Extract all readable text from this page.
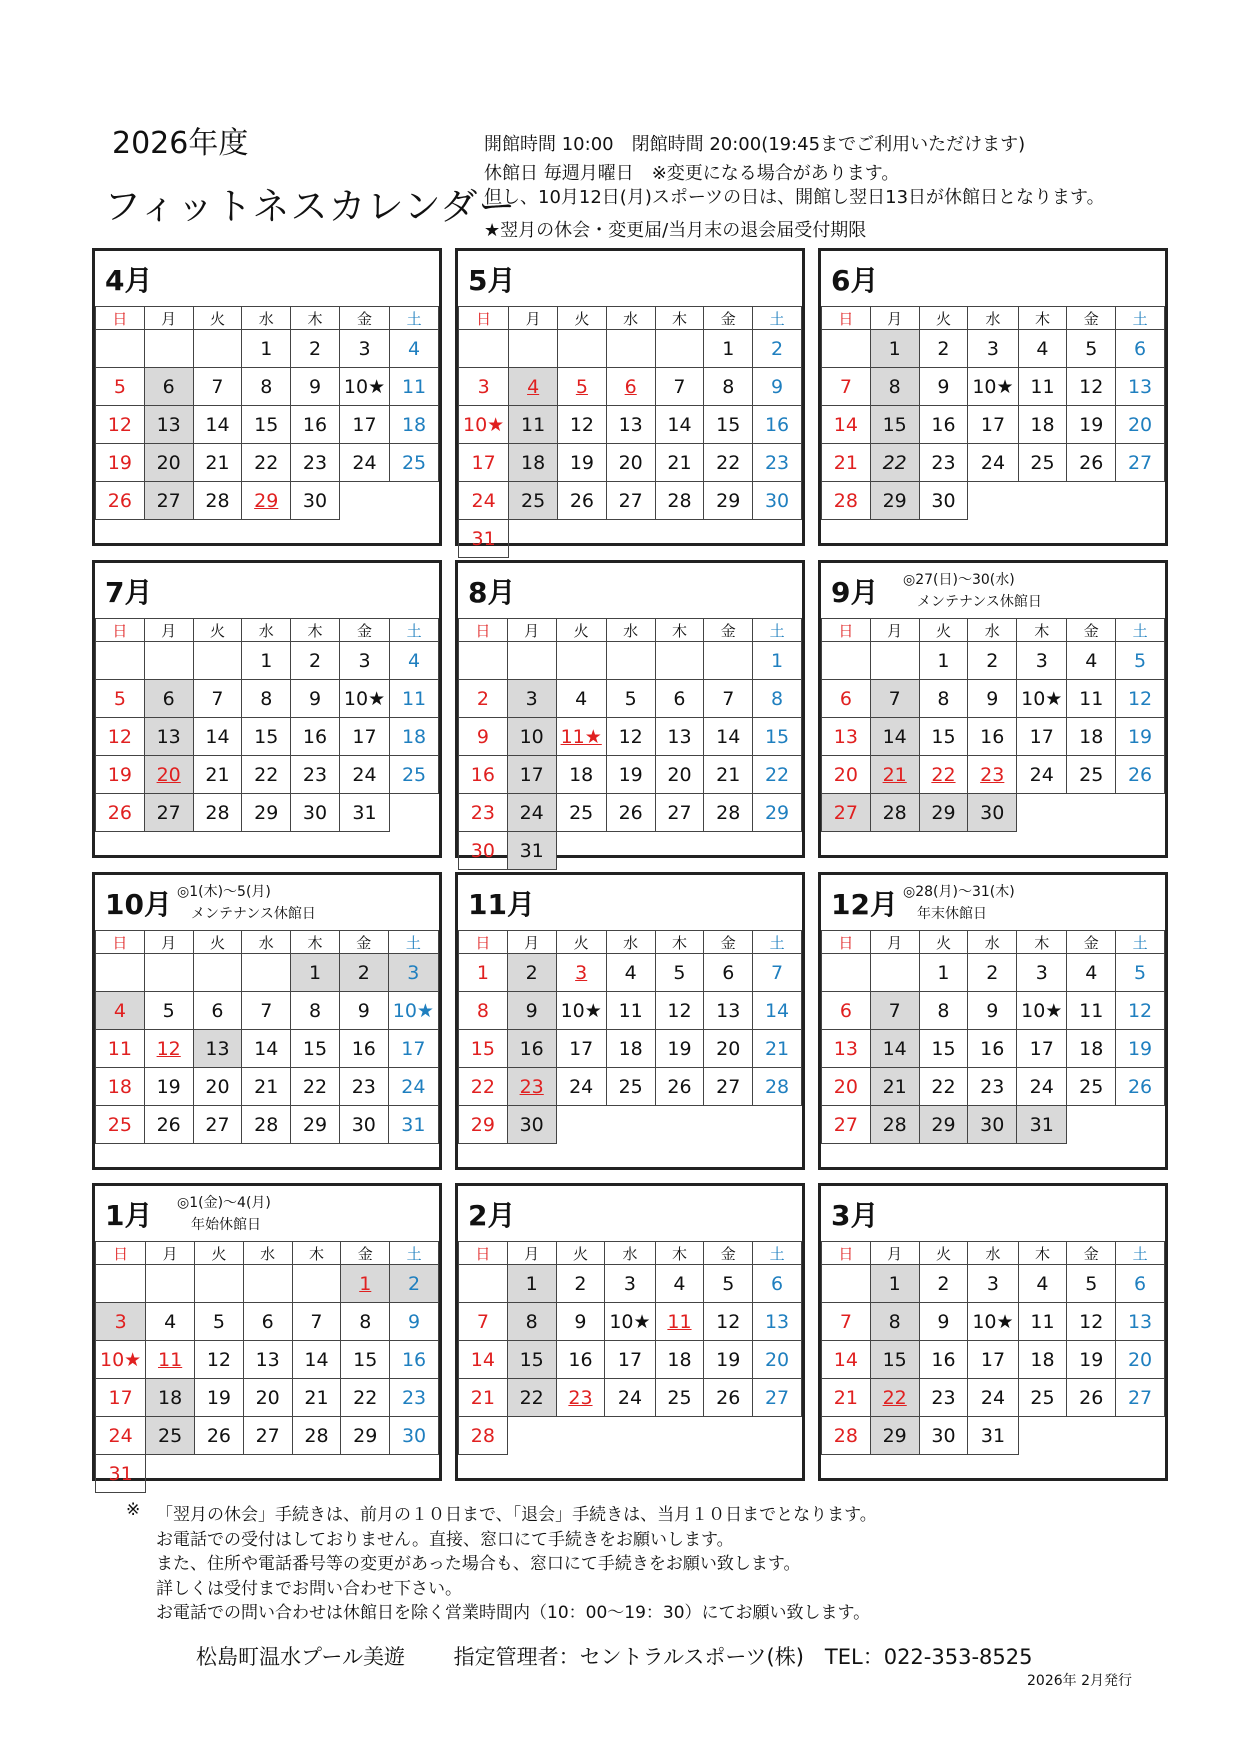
2026年度
フィットネスカレンダー
開館時間 10:00　閉館時間 20:00(19:45までご利用いただけます)
休館日 毎週月曜日　※変更になる場合があります。
但し、10月12日(月)スポーツの日は、開館し翌日13日が休館日となります。
★翌月の休会・変更届/当月末の退会届受付期限
4月
日	月	火	水	木	金	土
			1	2	3	4
5	6	7	8	9	10★	11
12	13	14	15	16	17	18
19	20	21	22	23	24	25
26	27	28	29	30		
5月
日	月	火	水	木	金	土
					1	2
3	4	5	6	7	8	9
10★	11	12	13	14	15	16
17	18	19	20	21	22	23
24	25	26	27	28	29	30
31						
6月
日	月	火	水	木	金	土
	1	2	3	4	5	6
7	8	9	10★	11	12	13
14	15	16	17	18	19	20
21	22	23	24	25	26	27
28	29	30				
7月
日	月	火	水	木	金	土
			1	2	3	4
5	6	7	8	9	10★	11
12	13	14	15	16	17	18
19	20	21	22	23	24	25
26	27	28	29	30	31	
8月
日	月	火	水	木	金	土
						1
2	3	4	5	6	7	8
9	10	11★	12	13	14	15
16	17	18	19	20	21	22
23	24	25	26	27	28	29
30	31					
9月 ◎27(日)～30(水)
メンテナンス休館日
日	月	火	水	木	金	土
		1	2	3	4	5
6	7	8	9	10★	11	12
13	14	15	16	17	18	19
20	21	22	23	24	25	26
27	28	29	30			
10月 ◎1(木)～5(月)
メンテナンス休館日
日	月	火	水	木	金	土
				1	2	3
4	5	6	7	8	9	10★
11	12	13	14	15	16	17
18	19	20	21	22	23	24
25	26	27	28	29	30	31
11月
日	月	火	水	木	金	土
1	2	3	4	5	6	7
8	9	10★	11	12	13	14
15	16	17	18	19	20	21
22	23	24	25	26	27	28
29	30					
12月 ◎28(月)～31(木)
年末休館日
日	月	火	水	木	金	土
		1	2	3	4	5
6	7	8	9	10★	11	12
13	14	15	16	17	18	19
20	21	22	23	24	25	26
27	28	29	30	31		
1月 ◎1(金)～4(月)
年始休館日
日	月	火	水	木	金	土
					1	2
3	4	5	6	7	8	9
10★	11	12	13	14	15	16
17	18	19	20	21	22	23
24	25	26	27	28	29	30
31						
2月
日	月	火	水	木	金	土
	1	2	3	4	5	6
7	8	9	10★	11	12	13
14	15	16	17	18	19	20
21	22	23	24	25	26	27
28						
3月
日	月	火	水	木	金	土
	1	2	3	4	5	6
7	8	9	10★	11	12	13
14	15	16	17	18	19	20
21	22	23	24	25	26	27
28	29	30	31			
※ 「翌月の休会」手続きは、前月の１０日まで、「退会」手続きは、当月１０日までとなります。
お電話での受付はしておりません。直接、窓口にて手続きをお願いします。
また、住所や電話番号等の変更があった場合も、窓口にて手続きをお願い致します。
詳しくは受付までお問い合わせ下さい。
お電話での問い合わせは休館日を除く営業時間内（10：00～19：30）にてお願い致します。
松島町温水プール美遊　　 指定管理者：セントラルスポーツ(株)　TEL：022-353-8525
2026年 2月発行
